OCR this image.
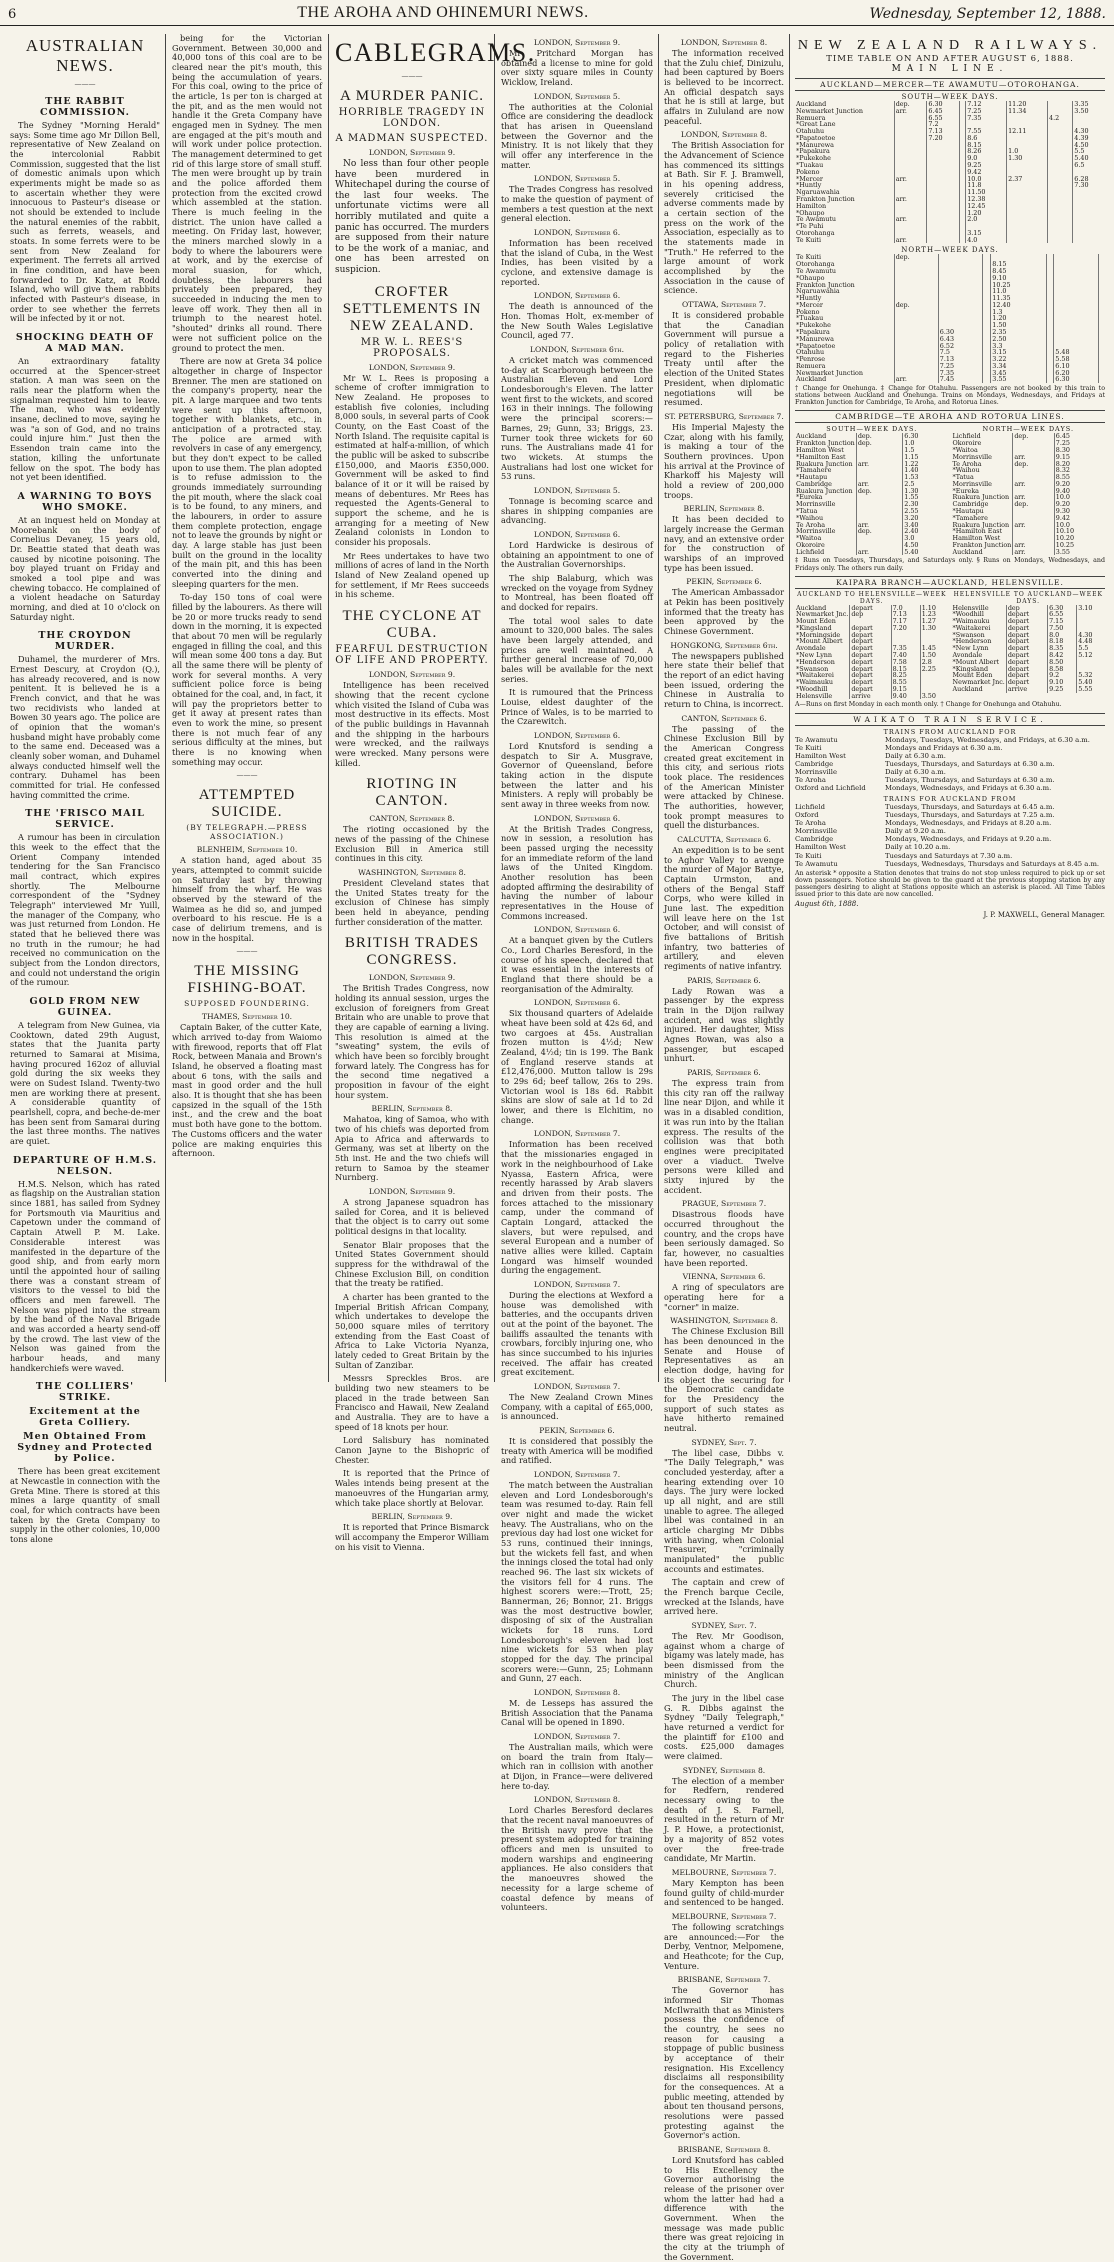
6	THE AROHA AND OHINEMURI NEWS.	Wednesday, September 12, 1888.
AUSTRALIAN NEWS.
———
THE RABBIT COMMISSION.

The Sydney "Morning Herald" says: Some time ago Mr Dillon Bell, representative of New Zealand on the intercolonial Rabbit Commission, suggested that the list of domestic animals upon which experiments might be made so as to ascertain whether they were innocuous to Pasteur's disease or not should be extended to include the natural enemies of the rabbit, such as ferrets, weasels, and stoats. In some ferrets were to be sent from New Zealand for experiment. The ferrets all arrived in fine condition, and have been forwarded to Dr. Katz, at Rodd Island, who will give them rabbits infected with Pasteur's disease, in order to see whether the ferrets will be infected by it or not.

SHOCKING DEATH OF A MAD MAN.

An extraordinary fatality occurred at the Spencer-street station. A man was seen on the rails near the platform when the signalman requested him to leave. The man, who was evidently insane, declined to move, saying he was "a son of God, and no trains could injure him." Just then the Essendon train came into the station, killing the unfortunate fellow on the spot. The body has not yet been identified.

A WARNING TO BOYS WHO SMOKE.

At an inquest held on Monday at Moorebank on the body of Cornelius Devaney, 15 years old, Dr. Beattie stated that death was caused by nicotine poisoning. The boy played truant on Friday and smoked a tool pipe and was chewing tobacco. He complained of a violent headache on Saturday morning, and died at 10 o'clock on Saturday night.

THE CROYDON MURDER.

Duhamel, the murderer of Mrs. Ernest Descury, at Croydon (Q.), has already recovered, and is now penitent. It is believed he is a French convict, and that he was two recidivists who landed at Bowen 30 years ago. The police are of opinion that the woman's husband might have probably come to the same end. Deceased was a cleanly sober woman, and Duhamel always conducted himself well the contrary. Duhamel has been committed for trial. He confessed having committed the crime.

THE 'FRISCO MAIL SERVICE.

A rumour has been in circulation this week to the effect that the Orient Company intended tendering for the San Francisco mail contract, which expires shortly. The Melbourne correspondent of the "Sydney Telegraph" interviewed Mr Yuill, the manager of the Company, who was just returned from London. He stated that he believed there was no truth in the rumour; he had received no communication on the subject from the London directors, and could not understand the origin of the rumour.

GOLD FROM NEW GUINEA.

A telegram from New Guinea, via Cooktown, dated 29th August, states that the Juanita party returned to Samarai at Misima, having procured 162oz of alluvial gold during the six weeks they were on Sudest Island. Twenty-two men are working there at present. A considerable quantity of pearlshell, copra, and beche-de-mer has been sent from Samarai during the last three months. The natives are quiet.

DEPARTURE OF H.M.S. NELSON.

H.M.S. Nelson, which has rated as flagship on the Australian station since 1881, has sailed from Sydney for Portsmouth via Mauritius and Capetown under the command of Captain Atwell P. M. Lake. Considerable interest was manifested in the departure of the good ship, and from early morn until the appointed hour of sailing there was a constant stream of visitors to the vessel to bid the officers and men farewell. The Nelson was piped into the stream by the band of the Naval Brigade and was accorded a hearty send-off by the crowd. The last view of the Nelson was gained from the harbour heads, and many handkerchiefs were waved.

THE COLLIERS' STRIKE.
Excitement at the Greta Colliery.
Men Obtained From Sydney and Protected by Police.

There has been great excitement at Newcastle in connection with the Greta Mine. There is stored at this mines a large quantity of small coal, for which contracts have been taken by the Greta Company to supply in the other colonies, 10,000 tons alone

being for the Victorian Government. Between 30,000 and 40,000 tons of this coal are to be cleared near the pit's mouth, this being the accumulation of years. For this coal, owing to the price of the article, 1s per ton is charged at the pit, and as the men would not handle it the Greta Company have engaged men in Sydney. The men are engaged at the pit's mouth and will work under police protection. The management determined to get rid of this large store of small stuff. The men were brought up by train and the police afforded them protection from the excited crowd which assembled at the station. There is much feeling in the district. The union have called a meeting. On Friday last, however, the miners marched slowly in a body to where the labourers were at work, and by the exercise of moral suasion, for which, doubtless, the labourers had privately been prepared, they succeeded in inducing the men to leave off work. They then all in triumph to the nearest hotel. "shouted" drinks all round. There were not sufficient police on the ground to protect the men.

There are now at Greta 34 police altogether in charge of Inspector Brenner. The men are stationed on the company's property, near the pit. A large marquee and two tents were sent up this afternoon, together with blankets, etc., in anticipation of a protracted stay. The police are armed with revolvers in case of any emergency, but they don't expect to be called upon to use them. The plan adopted is to refuse admission to the grounds immediately surrounding the pit mouth, where the slack coal is to be found, to any miners, and the labourers, in order to assure them complete protection, engage not to leave the grounds by night or day. A large stable has just been built on the ground in the locality of the main pit, and this has been converted into the dining and sleeping quarters for the men.

To-day 150 tons of coal were filled by the labourers. As there will be 20 or more trucks ready to send down in the morning, it is expected that about 70 men will be regularly engaged in filling the coal, and this will mean some 400 tons a day. But all the same there will be plenty of work for several months. A very sufficient police force is being obtained for the coal, and, in fact, it will pay the proprietors better to get it away at present rates than even to work the mine, so present there is not much fear of any serious difficulty at the mines, but there is no knowing when something may occur.

———
ATTEMPTED SUICIDE.
(BY TELEGRAPH.—PRESS ASSOCIATION.)
BLENHEIM, September 10.

A station hand, aged about 35 years, attempted to commit suicide on Saturday last by throwing himself from the wharf. He was observed by the steward of the Waimea as he did so, and jumped overboard to his rescue. He is a case of delirium tremens, and is now in the hospital.

———
THE MISSING FISHING-BOAT.
SUPPOSED FOUNDERING.
THAMES, September 10.

Captain Baker, of the cutter Kate, which arrived to-day from Waiomo with firewood, reports that off Flat Rock, between Manaia and Brown's Island, he observed a floating mast about 6 tons, with the sails and mast in good order and the hull also. It is thought that she has been capsized in the squall of the 15th inst., and the crew and the boat must both have gone to the bottom. The Customs officers and the water police are making enquiries this afternoon.

CABLEGRAMS.
———
A MURDER PANIC.
HORRIBLE TRAGEDY IN LONDON.
A MADMAN SUSPECTED.
LONDON, September 9.

No less than four other people have been murdered in Whitechapel during the course of the last four weeks. The unfortunate victims were all horribly mutilated and quite a panic has occurred. The murders are supposed from their nature to be the work of a maniac, and one has been arrested on suspicion.

CROFTER SETTLEMENTS IN NEW ZEALAND.
MR W. L. REES'S PROPOSALS.
LONDON, September 9.

Mr W. L. Rees is proposing a scheme of crofter immigration to New Zealand. He proposes to establish five colonies, including 8,000 souls, in several parts of Cook County, on the East Coast of the North Island. The requisite capital is estimated at half-a-million, of which the public will be asked to subscribe £150,000, and Maoris £350,000. Government will be asked to find balance of it or it will be raised by means of debentures. Mr Rees has requested the Agents-General to support the scheme, and he is arranging for a meeting of New Zealand colonists in London to consider his proposals.

Mr Rees undertakes to have two millions of acres of land in the North Island of New Zealand opened up for settlement, if Mr Rees succeeds in his scheme.

THE CYCLONE AT CUBA.
FEARFUL DESTRUCTION OF LIFE AND PROPERTY.
LONDON, September 9.

Intelligence has been received showing that the recent cyclone which visited the Island of Cuba was most destructive in its effects. Most of the public buildings in Havannah and the shipping in the harbours were wrecked, and the railways were wrecked. Many persons were killed.

RIOTING IN CANTON.
CANTON, September 8.

The rioting occasioned by the news of the passing of the Chinese Exclusion Bill in America still continues in this city.

WASHINGTON, September 8.

President Cleveland states that the United States treaty for the exclusion of Chinese has simply been held in abeyance, pending further consideration of the matter.

BRITISH TRADES CONGRESS.
LONDON, September 9.

The British Trades Congress, now holding its annual session, urges the exclusion of foreigners from Great Britain who are unable to prove that they are capable of earning a living. This resolution is aimed at the "sweating" system, the evils of which have been so forcibly brought forward lately. The Congress has for the second time negatived a proposition in favour of the eight hour system.

BERLIN, September 8.

Mahatoa, king of Samoa, who with two of his chiefs was deported from Apia to Africa and afterwards to Germany, was set at liberty on the 5th inst. He and the two chiefs will return to Samoa by the steamer Nurnberg.

LONDON, September 9.

A strong Japanese squadron has sailed for Corea, and it is believed that the object is to carry out some political designs in that locality.

Senator Blair proposes that the United States Government should suppress for the withdrawal of the Chinese Exclusion Bill, on condition that the treaty be ratified.

A charter has been granted to the Imperial British African Company, which undertakes to develope the 50,000 square miles of territory extending from the East Coast of Africa to Lake Victoria Nyanza, lately ceded to Great Britain by the Sultan of Zanzibar.

Messrs Spreckles Bros. are building two new steamers to be placed in the trade between San Francisco and Hawaii, New Zealand and Australia. They are to have a speed of 18 knots per hour.

Lord Salisbury has nominated Canon Jayne to the Bishopric of Chester.

It is reported that the Prince of Wales intends being present at the manoeuvres of the Hungarian army, which take place shortly at Belovar.

BERLIN, September 9.

It is reported that Prince Bismarck will accompany the Emperor William on his visit to Vienna.

LONDON, September 9.

Mr Pritchard Morgan has obtained a license to mine for gold over sixty square miles in County Wicklow, Ireland.

LONDON, September 5.

The authorities at the Colonial Office are considering the deadlock that has arisen in Queensland between the Governor and the Ministry. It is not likely that they will offer any interference in the matter.

LONDON, September 5.

The Trades Congress has resolved to make the question of payment of members a test question at the next general election.

LONDON, September 6.

Information has been received that the island of Cuba, in the West Indies, has been visited by a cyclone, and extensive damage is reported.

LONDON, September 6.

The death is announced of the Hon. Thomas Holt, ex-member of the New South Wales Legislative Council, aged 77.

LONDON, September 6th.

A cricket match was commenced to-day at Scarborough between the Australian Eleven and Lord Londesborough's Eleven. The latter went first to the wickets, and scored 163 in their innings. The following were the principal scorers:—Barnes, 29; Gunn, 33; Briggs, 23. Turner took three wickets for 60 runs. The Australians made 41 for two wickets. At stumps the Australians had lost one wicket for 53 runs.

LONDON, September 5.

Tonnage is becoming scarce and shares in shipping companies are advancing.

LONDON, September 6.

Lord Hardwicke is desirous of obtaining an appointment to one of the Australian Governorships.

The ship Balaburg, which was wrecked on the voyage from Sydney to Montreal, has been floated off and docked for repairs.

The total wool sales to date amount to 320,000 bales. The sales have been largely attended, and prices are well maintained. A further general increase of 70,000 bales will be available for the next series.

It is rumoured that the Princess Louise, eldest daughter of the Prince of Wales, is to be married to the Czarewitch.

LONDON, September 6.

Lord Knutsford is sending a despatch to Sir A. Musgrave, Governor of Queensland, before taking action in the dispute between the latter and his Ministers. A reply will probably be sent away in three weeks from now.

LONDON, September 6.

At the British Trades Congress, now in session, a resolution has been passed urging the necessity for an immediate reform of the land laws of the United Kingdom. Another resolution has been adopted affirming the desirability of having the number of labour representatives in the House of Commons increased.

LONDON, September 6.

At a banquet given by the Cutlers Co., Lord Charles Beresford, in the course of his speech, declared that it was essential in the interests of England that there should be a reorganisation of the Admiralty.

LONDON, September 6.

Six thousand quarters of Adelaide wheat have been sold at 42s 6d, and two cargoes at 45s. Australian frozen mutton is 4½d; New Zealand, 4½d; tin is 199. The Bank of England reserve stands at £12,476,000. Mutton tallow is 29s to 29s 6d; beef tallow, 26s to 29s. Victorian wool is 18s 6d. Rabbit skins are slow of sale at 1d to 2d lower, and there is Elchitim, no change.

LONDON, September 7.

Information has been received that the missionaries engaged in work in the neighbourhood of Lake Nyassa, Eastern Africa, were recently harassed by Arab slavers and driven from their posts. The forces attached to the missionary camp, under the command of Captain Longard, attacked the slavers, but were repulsed, and several European and a number of native allies were killed. Captain Longard was himself wounded during the engagement.

LONDON, September 7.

During the elections at Wexford a house was demolished with batteries, and the occupants driven out at the point of the bayonet. The bailiffs assaulted the tenants with crowbars, forcibly injuring one, who has since succumbed to his injuries received. The affair has created great excitement.

LONDON, September 7.

The New Zealand Crown Mines Company, with a capital of £65,000, is announced.

PEKIN, September 6.

It is considered that possibly the treaty with America will be modified and ratified.

LONDON, September 7.

The match between the Australian eleven and Lord Londesborough's team was resumed to-day. Rain fell over night and made the wicket heavy. The Australians, who on the previous day had lost one wicket for 53 runs, continued their innings, but the wickets fell fast, and when the innings closed the total had only reached 96. The last six wickets of the visitors fell for 4 runs. The highest scorers were:—Trott, 25; Bannerman, 26; Bonnor, 21. Briggs was the most destructive bowler, disposing of six of the Australian wickets for 18 runs. Lord Londesborough's eleven had lost nine wickets for 53 when play stopped for the day. The principal scorers were:—Gunn, 25; Lohmann and Gunn, 27 each.

LONDON, September 8.

M. de Lesseps has assured the British Association that the Panama Canal will be opened in 1890.

LONDON, September 7.

The Australian mails, which were on board the train from Italy—which ran in collision with another at Dijon, in France—were delivered here to-day.

LONDON, September 8.

Lord Charles Beresford declares that the recent naval manoeuvres of the British navy prove that the present system adopted for training officers and men is unsuited to modern warships and engineering appliances. He also considers that the manoeuvres showed the necessity for a large scheme of coastal defence by means of volunteers.

LONDON, September 8.

The information received that the Zulu chief, Dinizulu, had been captured by Boers is believed to be incorrect. An official despatch says that he is still at large, but affairs in Zululand are now peaceful.

LONDON, September 8.

The British Association for the Advancement of Science has commenced its sittings at Bath. Sir F. J. Bramwell, in his opening address, severely criticised the adverse comments made by a certain section of the press on the work of the Association, especially as to the statements made in "Truth." He referred to the large amount of work accomplished by the Association in the cause of science.

OTTAWA, September 7.

It is considered probable that the Canadian Government will pursue a policy of retaliation with regard to the Fisheries Treaty until after the election of the United States President, when diplomatic negotiations will be resumed.

ST. PETERSBURG, September 7.

His Imperial Majesty the Czar, along with his family, is making a tour of the Southern provinces. Upon his arrival at the Province of Kharkoff his Majesty will hold a review of 200,000 troops.

BERLIN, September 8.

It has been decided to largely increase the German navy, and an extensive order for the construction of warships of an improved type has been issued.

PEKIN, September 6.

The American Ambassador at Pekin has been positively informed that the treaty has been approved by the Chinese Government.

HONGKONG, September 6th.

The newspapers published here state their belief that the report of an edict having been issued, ordering the Chinese in Australia to return to China, is incorrect.

CANTON, September 6.

The passing of the Chinese Exclusion Bill by the American Congress created great excitement in this city, and serious riots took place. The residences of the American Minister were attacked by Chinese. The authorities, however, took prompt measures to quell the disturbances.

CALCUTTA, September 6.

An expedition is to be sent to Aghor Valley to avenge the murder of Major Battye, Captain Urmston, and others of the Bengal Staff Corps, who were killed in June last. The expedition will leave here on the 1st October, and will consist of five battalions of British infantry, two batteries of artillery, and eleven regiments of native infantry.

PARIS, September 6.

Lady Rowan was a passenger by the express train in the Dijon railway accident, and was slightly injured. Her daughter, Miss Agnes Rowan, was also a passenger, but escaped unhurt.

PARIS, September 6.

The express train from this city ran off the railway line near Dijon, and while it was in a disabled condition, it was run into by the Italian express. The results of the collision was that both engines were precipitated over a viaduct. Twelve persons were killed and sixty injured by the accident.

PRAGUE, September 7.

Disastrous floods have occurred throughout the country, and the crops have been seriously damaged. So far, however, no casualties have been reported.

VIENNA, September 6.

A ring of speculators are operating here for a "corner" in maize.

WASHINGTON, September 8.

The Chinese Exclusion Bill has been denounced in the Senate and House of Representatives as an election dodge, having for its object the securing for the Democratic candidate for the Presidency the support of such states as have hitherto remained neutral.

SYDNEY, Sept. 7.

The libel case, Dibbs v. "The Daily Telegraph," was concluded yesterday, after a hearing extending over 10 days. The jury were locked up all night, and are still unable to agree. The alleged libel was contained in an article charging Mr Dibbs with having, when Colonial Treasurer, "criminally manipulated" the public accounts and estimates.

The captain and crew of the French barque Cecile, wrecked at the Islands, have arrived here.

SYDNEY, Sept. 7.

The Rev. Mr Goodison, against whom a charge of bigamy was lately made, has been dismissed from the ministry of the Anglican Church.

The jury in the libel case G. R. Dibbs against the Sydney "Daily Telegraph," have returned a verdict for the plaintiff for £100 and costs. £25,000 damages were claimed.

SYDNEY, September 8.

The election of a member for Redfern, rendered necessary owing to the death of J. S. Farnell, resulted in the return of Mr J. P. Howe, a protectionist, by a majority of 852 votes over the free-trade candidate, Mr Martin.

MELBOURNE, September 7.

Mary Kempton has been found guilty of child-murder and sentenced to be hanged.

MELBOURNE, September 7.

The following scratchings are announced:—For the Derby, Ventnor, Melpomene, and Heathcote; for the Cup, Venture.

BRISBANE, September 7.

The Governor has informed Sir Thomas McIlwraith that as Ministers possess the confidence of the country, he sees no reason for causing a stoppage of public business by acceptance of their resignation. His Excellency disclaims all responsibility for the consequences. At a public meeting, attended by about ten thousand persons, resolutions were passed protesting against the Governor's action.

BRISBANE, September 8.

Lord Knutsford has cabled to His Excellency the Governor authorising the release of the prisoner over whom the latter had had a difference with the Government. When the message was made public there was great rejoicing in the city at the triumph of the Government.

NEW ZEALAND RAILWAYS.
TIME TABLE ON AND AFTER AUGUST 6, 1888.
MAIN LINE.
AUCKLAND—MERCER—TE AWAMUTU—OTOROHANGA.
SOUTH—WEEK DAYS.
Auckland	dep.	6.30		7.12	11.20		3.35
Newmarket Junction	arr.	6.45		7.25	11.34		3.50
Remuera		6.55		7.35		4.2	
*Great Lane		7.2					
Otahuhu		7.13		7.55	12.11		4.30
*Papatoetoe		7.20		8.6			4.39
*Manurewa				8.15			4.50
*Papakura				8.26	1.0		5.5
*Pukekohe				9.0	1.30		5.40
*Tuakau				9.25			6.5
Pokeno				9.42			
*Mercer	arr.			10.0	2.37		6.28
*Huntly				11.8			7.30
Ngaruawahia				11.50			
Frankton Junction	arr.			12.38			
Hamilton				12.45			
*Ohaupo				1.20			
Te Awamutu	arr.			2.0			
*Te Puhi							
Otorohanga				3.15			
Te Kuiti	arr.			4.0			
NORTH—WEEK DAYS.
Te Kuiti	dep.						
Otorohanga				8.15			
Te Awamutu				8.45			
*Ohaupo				9.10			
Frankton Junction				10.25			
Ngaruawahia				11.0			
*Huntly				11.35			
*Mercer	dep.			12.40			
Pokeno				1.3			
*Tuakau				1.20			
*Pukekohe				1.50			
*Papakura		6.30		2.35			
*Manurewa		6.43		2.50			
*Papatoetoe		6.52		3.3			
Otahuhu		7.5		3.15		5.48	
*Penrose		7.13		3.22		5.58	
Remuera		7.25		3.34		6.10	
Newmarket Junction		7.35		3.45		6.20	
Auckland	arr.	7.45		3.55		6.30	
† Change for Onehunga. ‡ Change for Otahuhu. Passengers are not booked by this train to stations between Auckland and Onehunga. Trains on Mondays, Wednesdays, and Fridays at Frankton Junction for Cambridge, Te Aroha, and Rotorua Lines.
CAMBRIDGE—TE AROHA AND ROTORUA LINES.
SOUTH—WEEK DAYS.
Auckland	dep.	6.30
Frankton Junction	dep.	1.0
Hamilton West		1.5
*Hamilton East		1.15
Ruakura Junction	arr.	1.22
*Tamahere		1.40
*Hautapu		1.53
Cambridge	arr.	2.5
Ruakura Junction	dep.	1.30
*Eureka		1.55
Morrinsville		2.30
*Tatua		2.55
*Waihou		3.20
Te Aroha	arr.	3.40
Morrinsville	dep.	2.40
*Waitoa		3.0
Okoroire		4.50
Lichfield	arr.	5.40
NORTH—WEEK DAYS.
Lichfield	dep.	6.45
Okoroire		7.25
*Waitoa		8.30
Morrinsville	arr.	9.15
Te Aroha	dep.	8.20
*Waihou		8.32
*Tatua		8.55
Morrinsville	arr.	9.20
*Eureka		9.40
Ruakura Junction	arr.	10.0
Cambridge	dep.	9.20
*Hautapu		9.30
*Tamahere		9.42
Ruakura Junction	arr.	10.0
*Hamilton East		10.10
Hamilton West		10.20
Frankton Junction	arr.	10.25
Auckland	arr.	3.55
‡ Runs on Tuesdays, Thursdays, and Saturdays only. § Runs on Mondays, Wednesdays, and Fridays only. The others run daily.
KAIPARA BRANCH—AUCKLAND, HELENSVILLE.
AUCKLAND TO HELENSVILLE—WEEK DAYS.
Auckland	depart	7.0	1.10
Newmarket Jnc.	dep	7.13	1.23
Mount Eden		7.17	1.27
*Kingsland	depart	7.20	1.30
*Morningside	depart		
*Mount Albert	depart		
Avondale	depart	7.35	1.45
*New Lynn	depart	7.40	1.50
*Henderson	depart	7.58	2.8
*Swanson	depart	8.15	2.25
*Waitakerei	depart	8.25	
*Waimauku	depart	8.55	
*Woodhill	depart	9.15	
Helensville	arrive	9.40	3.50
HELENSVILLE TO AUCKLAND—WEEK DAYS.
Helensville	dep	6.30	3.10
*Woodhill	depart	6.55	
*Waimauku	depart	7.15	
*Waitakerei	depart	7.50	
*Swanson	depart	8.0	4.30
*Henderson	depart	8.18	4.48
*New Lynn	depart	8.35	5.5
Avondale	depart	8.42	5.12
*Mount Albert	depart	8.50	
*Kingsland	depart	8.58	
Mount Eden	depart	9.2	5.32
Newmarket Jnc.	depart	9.10	5.40
Auckland	arrive	9.25	5.55
A—Runs on first Monday in each month only. † Change for Onehunga and Otahuhu.
WAIKATO TRAIN SERVICE.
TRAINS FROM AUCKLAND FOR
Te Awamutu	Mondays, Tuesdays, Wednesdays, and Fridays, at 6.30 a.m.
Te Kuiti	Mondays and Fridays at 6.30 a.m.
Hamilton West	Daily at 6.30 a.m.
Cambridge	Tuesdays, Thursdays, and Saturdays at 6.30 a.m.
Morrinsville	Daily at 6.30 a.m.
Te Aroha	Tuesdays, Thursdays, and Saturdays at 6.30 a.m.
Oxford and Lichfield	Mondays, Wednesdays, and Fridays at 6.30 a.m.
TRAINS FOR AUCKLAND FROM
Lichfield	Tuesdays, Thursdays, and Saturdays at 6.45 a.m.
Oxford	Tuesdays, Thursdays, and Saturdays at 7.25 a.m.
Te Aroha	Mondays, Wednesdays, and Fridays at 8.20 a.m.
Morrinsville	Daily at 9.20 a.m.
Cambridge	Mondays, Wednesdays, and Fridays at 9.20 a.m.
Hamilton West	Daily at 10.20 a.m.
Te Kuiti	Tuesdays and Saturdays at 7.30 a.m.
Te Awamutu	Tuesdays, Wednesdays, Thursdays and Saturdays at 8.45 a.m.
An asterisk * opposite a Station denotes that trains do not stop unless required to pick up or set down passengers. Notice should be given to the guard at the previous stopping station by any passengers desiring to alight at Stations opposite which an asterisk is placed. All Time Tables issued prior to this date are now cancelled.
August 6th, 1888.
J. P. MAXWELL, General Manager.
